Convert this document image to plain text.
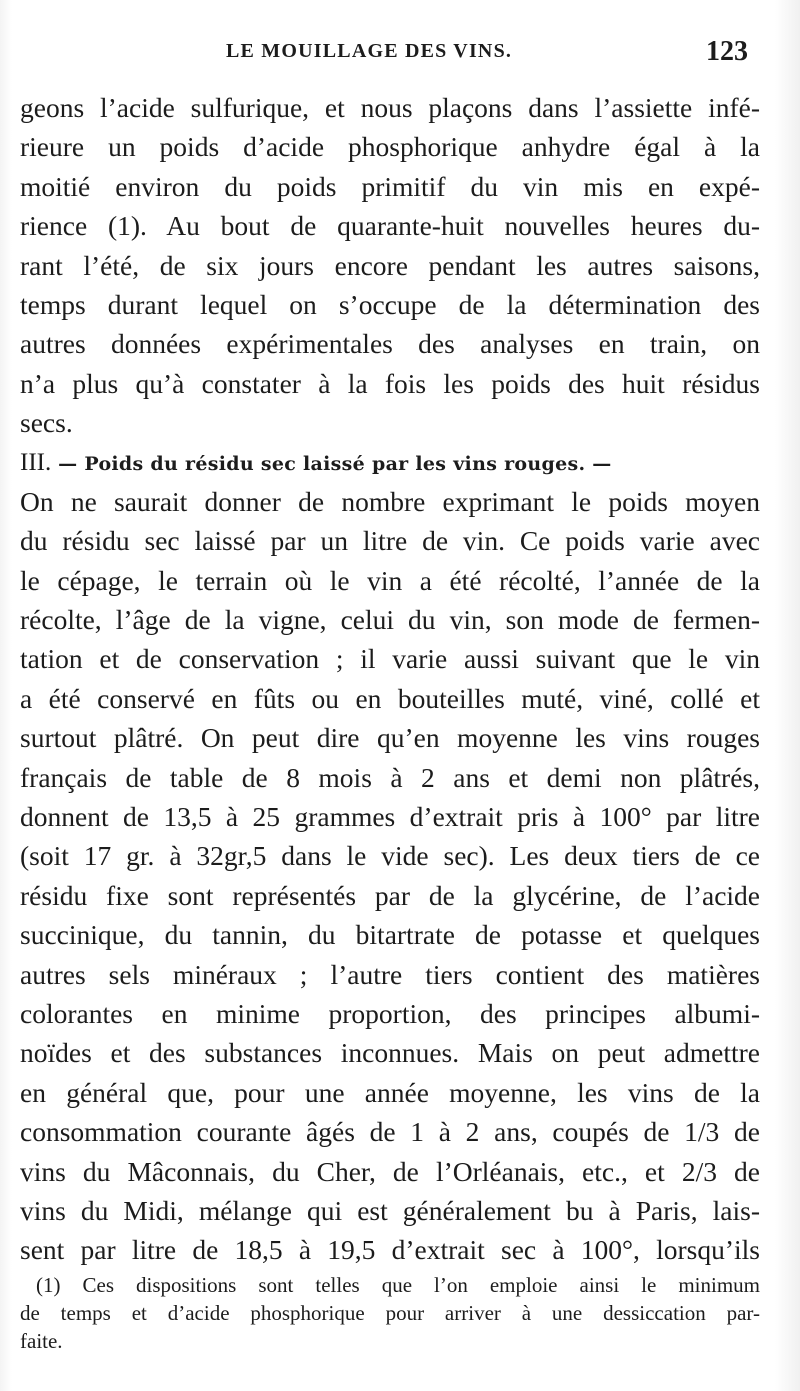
LE MOUILLAGE DES VINS.	123
geons l’acide sulfurique, et nous plaçons dans l’assiette infé-
rieure un poids d’acide phosphorique anhydre égal à la
moitié environ du poids primitif du vin mis en expé-
rience (1). Au bout de quarante-huit nouvelles heures du-
rant l’été, de six jours encore pendant les autres saisons,
temps durant lequel on s’occupe de la détermination des
autres données expérimentales des analyses en train, on
n’a plus qu’à constater à la fois les poids des huit résidus
secs.
III. — Poids du résidu sec laissé par les vins rouges. —
On ne saurait donner de nombre exprimant le poids moyen
du résidu sec laissé par un litre de vin. Ce poids varie avec
le cépage, le terrain où le vin a été récolté, l’année de la
récolte, l’âge de la vigne, celui du vin, son mode de fermen-
tation et de conservation ; il varie aussi suivant que le vin
a été conservé en fûts ou en bouteilles muté, viné, collé et
surtout plâtré. On peut dire qu’en moyenne les vins rouges
français de table de 8 mois à 2 ans et demi non plâtrés,
donnent de 13,5 à 25 grammes d’extrait pris à 100° par litre
(soit 17 gr. à 32gr,5 dans le vide sec). Les deux tiers de ce
résidu fixe sont représentés par de la glycérine, de l’acide
succinique, du tannin, du bitartrate de potasse et quelques
autres sels minéraux ; l’autre tiers contient des matières
colorantes en minime proportion, des principes albumi-
noïdes et des substances inconnues. Mais on peut admettre
en général que, pour une année moyenne, les vins de la
consommation courante âgés de 1 à 2 ans, coupés de 1/3 de
vins du Mâconnais, du Cher, de l’Orléanais, etc., et 2/3 de
vins du Midi, mélange qui est généralement bu à Paris, lais-
sent par litre de 18,5 à 19,5 d’extrait sec à 100°, lorsqu’ils
(1) Ces dispositions sont telles que l’on emploie ainsi le minimum
de temps et d’acide phosphorique pour arriver à une dessiccation par-
faite.
